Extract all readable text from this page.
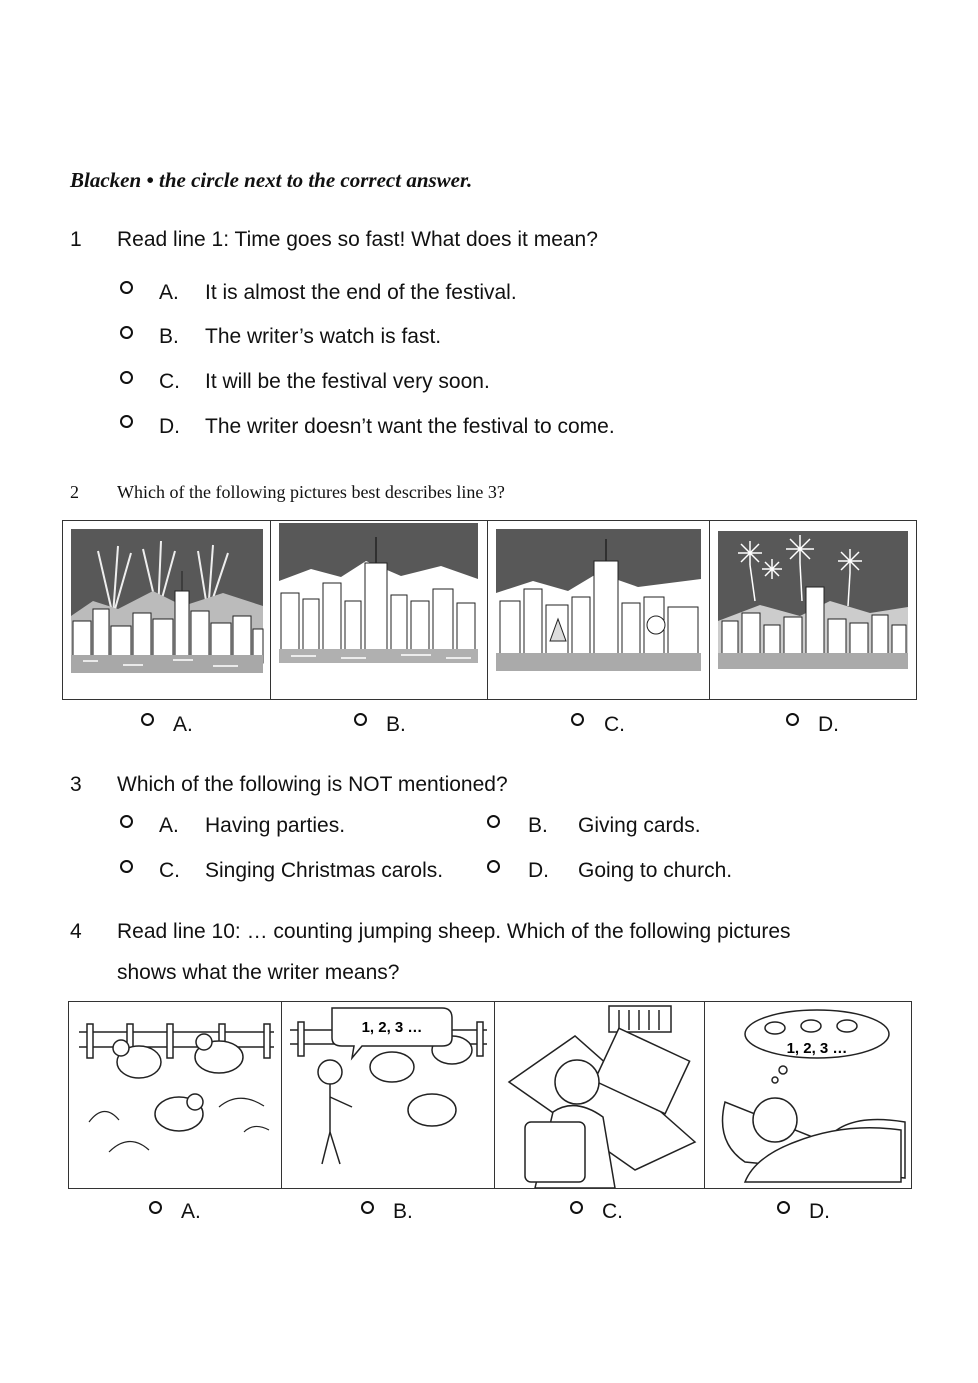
Blacken • the circle next to the correct answer.
1 Read line 1: Time goes so fast! What does it mean?
A. It is almost the end of the festival.
B. The writer’s watch is fast.
C. It will be the festival very soon.
D. The writer doesn’t want the festival to come.
2 Which of the following pictures best describes line 3?
A.	B.	C.	D.
3 Which of the following is NOT mentioned?
A. Having parties.	B. Giving cards.
C. Singing Christmas carols.	D. Going to church.
4 Read line 10: … counting jumping sheep. Which of the following pictures
shows what the writer means?
1, 2, 3 …
1, 2, 3 …
A.	B.	C.	D.
